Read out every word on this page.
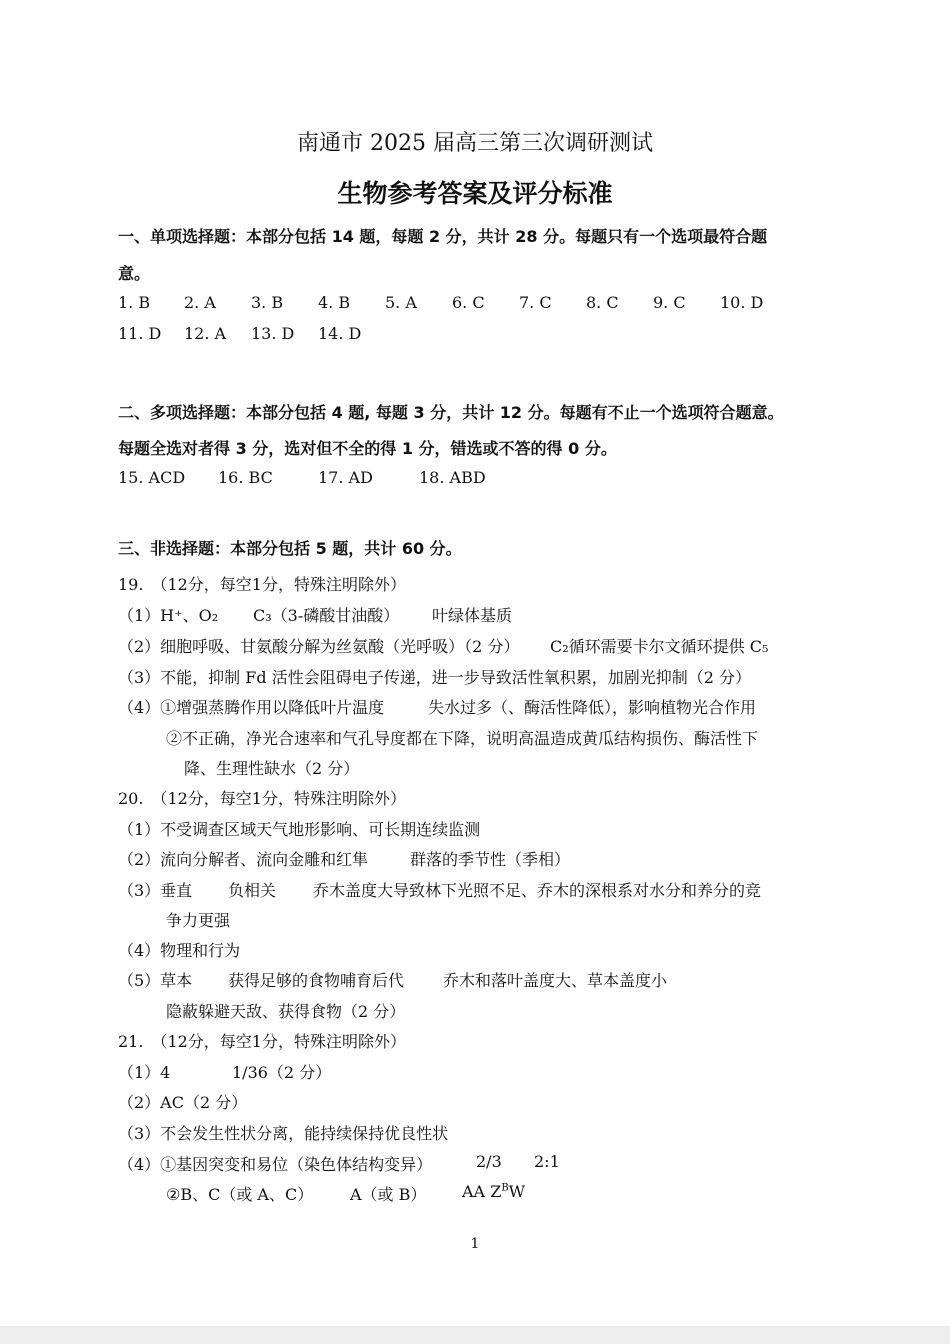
南通市 2025 届高三第三次调研测试
生物参考答案及评分标准
一、单项选择题：本部分包括 14 题，每题 2 分，共计 28 分。每题只有一个选项最符合题
意。
1. B 2. A 3. B 4. B 5. A 6. C 7. C 8. C 9. C 10. D
11. D 12. A 13. D 14. D
二、多项选择题：本部分包括 4 题, 每题 3 分，共计 12 分。每题有不止一个选项符合题意。
每题全选对者得 3 分，选对但不全的得 1 分，错选或不答的得 0 分。
15. ACD 16. BC	17. AD	18. ABD
三、非选择题：本部分包括 5 题，共计 60 分。
19.　（12分，每空1分，特殊注明除外）
（1）H⁺、O₂ C₃（3-磷酸甘油酸） 叶绿体基质
（2）细胞呼吸、甘氨酸分解为丝氨酸（光呼吸）（2 分） C₂循环需要卡尔文循环提供 C₅
（3）不能，抑制 Fd 活性会阻碍电子传递，进一步导致活性氧积累，加剧光抑制（2 分）
（4）①增强蒸腾作用以降低叶片温度	失水过多（、酶活性降低），影响植物光合作用
②不正确，净光合速率和气孔导度都在下降，说明高温造成黄瓜结构损伤、酶活性下
降、生理性缺水（2 分）
20.　（12分，每空1分，特殊注明除外）
（1）不受调查区域天气地形影响、可长期连续监测
（2）流向分解者、流向金雕和红隼	群落的季节性（季相）
（3）垂直 负相关 乔木盖度大导致林下光照不足、乔木的深根系对水分和养分的竞
争力更强
（4）物理和行为
（5）草本 获得足够的食物哺育后代 乔木和落叶盖度大、草本盖度小
隐蔽躲避天敌、获得食物（2 分）
21.　（12分，每空1分，特殊注明除外）
（1）4	1/36（2 分）
（2）AC（2 分）
（3）不会发生性状分离，能持续保持优良性状
（4）①基因突变和易位（染色体结构变异）	2/3 2:1
②B、C（或 A、C） A（或 B） AA $Z^BW$
1
